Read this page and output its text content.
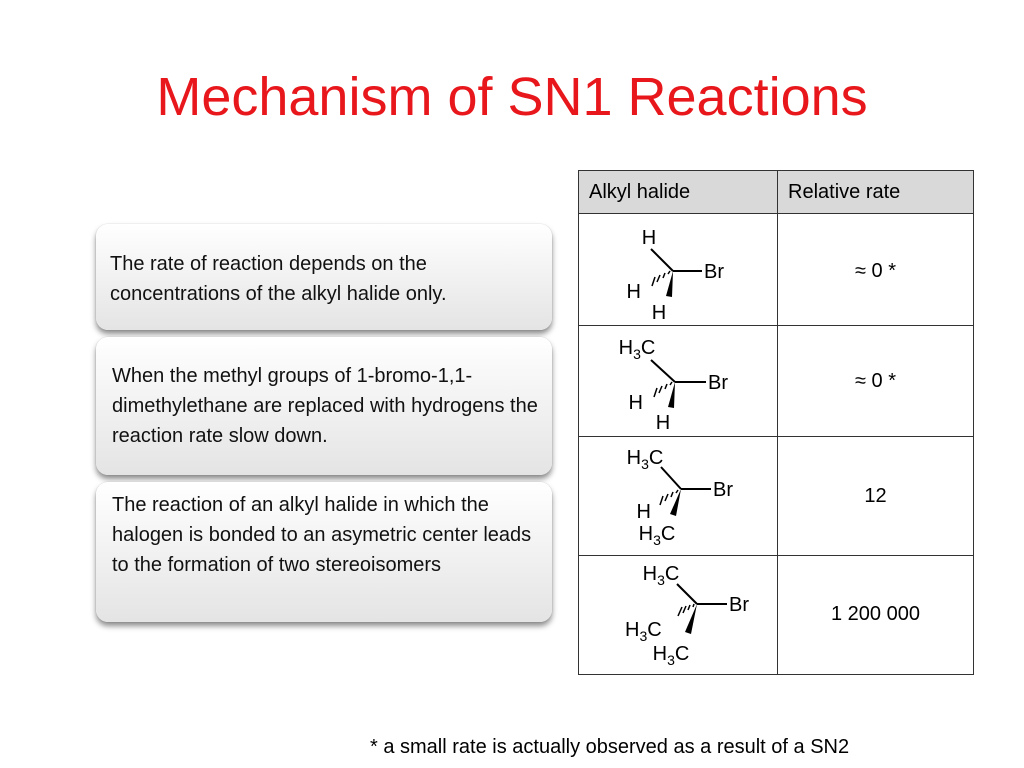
Mechanism of SN1 Reactions
The rate of reaction depends on the concentrations of the alkyl halide only.
When the methyl groups of 1-bromo-1,1-dimethylethane are replaced with hydrogens the reaction rate slow down.
The reaction of an alkyl halide in which the halogen is bonded to an asymetric center leads to the formation of two stereoisomers
Alkyl halide	Relative rate

H
Br
H
H	≈ 0 *

$H_3C$
Br
H
H	≈ 0 *

$H_3C$
Br
H
$H_3C$	12

$H_3C$
Br
$H_3C$
$H_3C$	1 200 000
* a small rate is actually observed as a result of a SN2
